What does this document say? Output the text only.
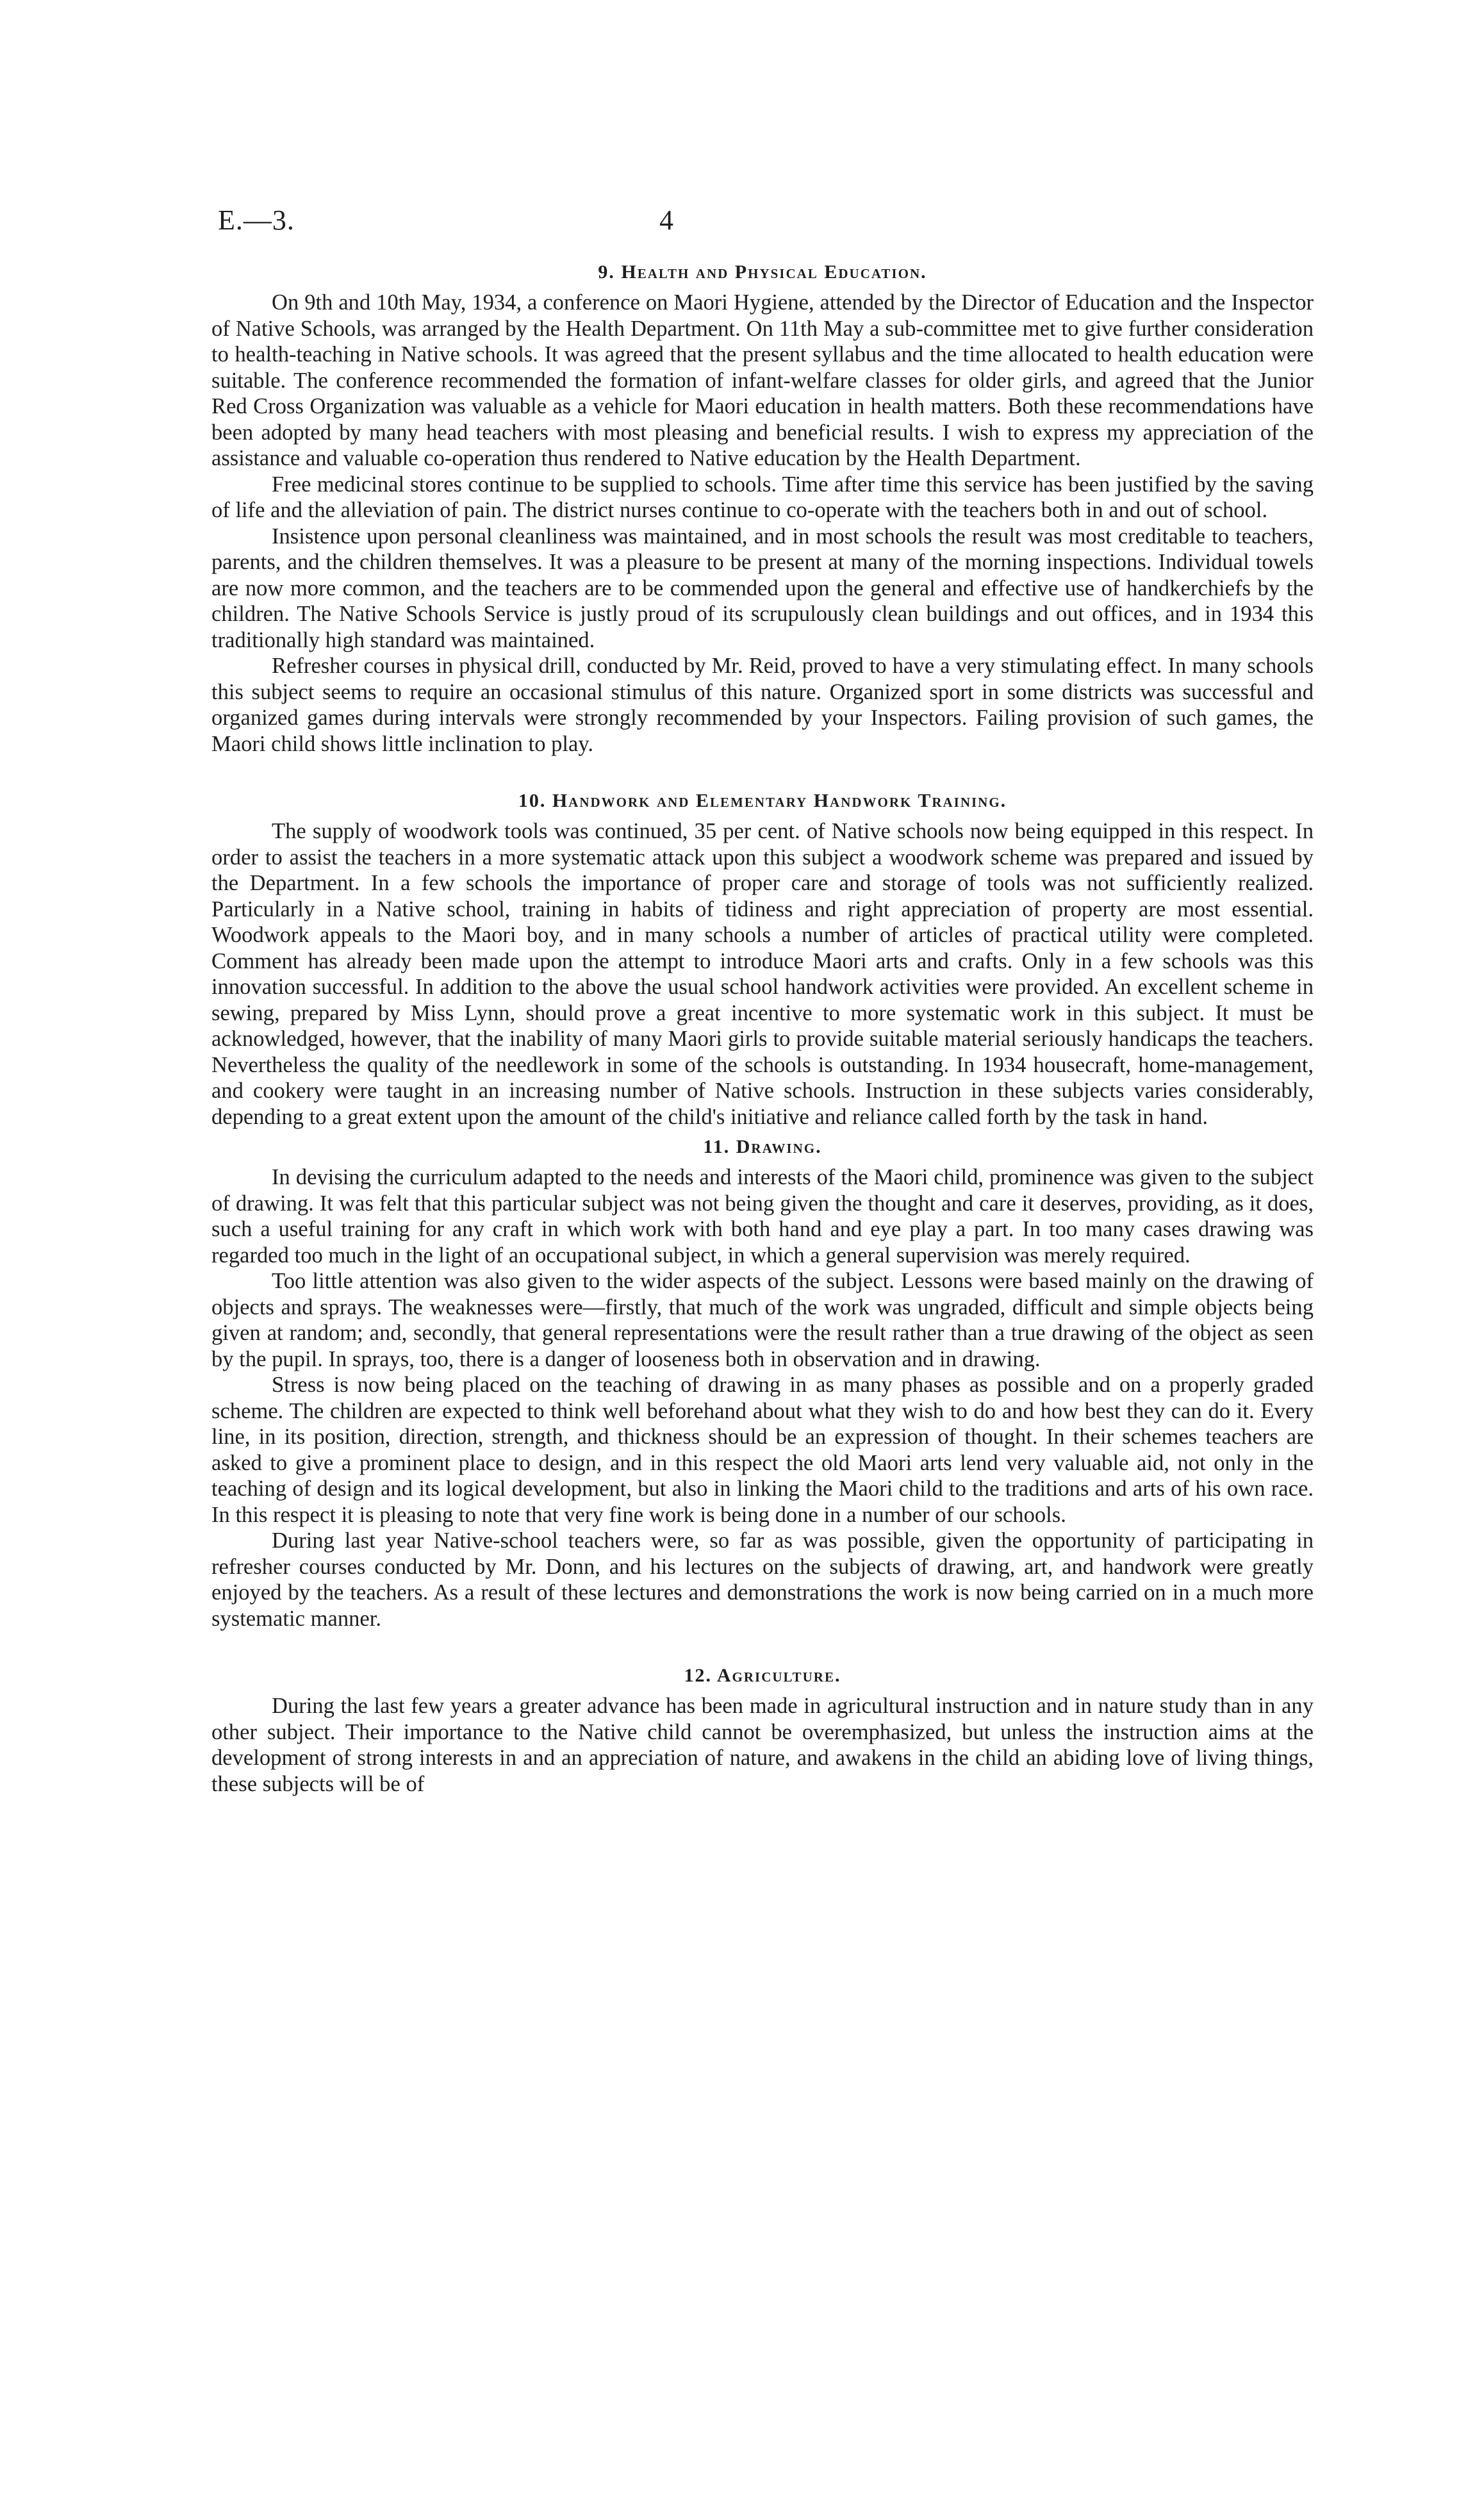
E.—3.	4
9. Health and Physical Education.

On 9th and 10th May, 1934, a conference on Maori Hygiene, attended by the Director of Education and the Inspector of Native Schools, was arranged by the Health Department. On 11th May a sub-committee met to give further consideration to health-teaching in Native schools. It was agreed that the present syllabus and the time allocated to health education were suitable. The conference recommended the formation of infant-welfare classes for older girls, and agreed that the Junior Red Cross Organization was valuable as a vehicle for Maori education in health matters. Both these recommendations have been adopted by many head teachers with most pleasing and beneficial results. I wish to express my appreciation of the assistance and valuable co-operation thus rendered to Native education by the Health Department.

Free medicinal stores continue to be supplied to schools. Time after time this service has been justified by the saving of life and the alleviation of pain. The district nurses continue to co-operate with the teachers both in and out of school.

Insistence upon personal cleanliness was maintained, and in most schools the result was most creditable to teachers, parents, and the children themselves. It was a pleasure to be present at many of the morning inspections. Individual towels are now more common, and the teachers are to be commended upon the general and effective use of handkerchiefs by the children. The Native Schools Service is justly proud of its scrupulously clean buildings and out offices, and in 1934 this traditionally high standard was maintained.

Refresher courses in physical drill, conducted by Mr. Reid, proved to have a very stimulating effect. In many schools this subject seems to require an occasional stimulus of this nature. Organized sport in some districts was successful and organized games during intervals were strongly recommended by your Inspectors. Failing provision of such games, the Maori child shows little inclination to play.

10. Handwork and Elementary Handwork Training.

The supply of woodwork tools was continued, 35 per cent. of Native schools now being equipped in this respect. In order to assist the teachers in a more systematic attack upon this subject a woodwork scheme was prepared and issued by the Department. In a few schools the importance of proper care and storage of tools was not sufficiently realized. Particularly in a Native school, training in habits of tidiness and right appreciation of property are most essential. Woodwork appeals to the Maori boy, and in many schools a number of articles of practical utility were completed. Comment has already been made upon the attempt to introduce Maori arts and crafts. Only in a few schools was this innovation successful. In addition to the above the usual school handwork activities were provided. An excellent scheme in sewing, prepared by Miss Lynn, should prove a great incentive to more systematic work in this subject. It must be acknowledged, however, that the inability of many Maori girls to provide suitable material seriously handicaps the teachers. Nevertheless the quality of the needlework in some of the schools is outstanding. In 1934 housecraft, home-management, and cookery were taught in an increasing number of Native schools. Instruction in these subjects varies considerably, depending to a great extent upon the amount of the child's initiative and reliance called forth by the task in hand.

11. Drawing.

In devising the curriculum adapted to the needs and interests of the Maori child, prominence was given to the subject of drawing. It was felt that this particular subject was not being given the thought and care it deserves, providing, as it does, such a useful training for any craft in which work with both hand and eye play a part. In too many cases drawing was regarded too much in the light of an occupational subject, in which a general supervision was merely required.

Too little attention was also given to the wider aspects of the subject. Lessons were based mainly on the drawing of objects and sprays. The weaknesses were—firstly, that much of the work was ungraded, difficult and simple objects being given at random; and, secondly, that general representations were the result rather than a true drawing of the object as seen by the pupil. In sprays, too, there is a danger of looseness both in observation and in drawing.

Stress is now being placed on the teaching of drawing in as many phases as possible and on a properly graded scheme. The children are expected to think well beforehand about what they wish to do and how best they can do it. Every line, in its position, direction, strength, and thickness should be an expression of thought. In their schemes teachers are asked to give a prominent place to design, and in this respect the old Maori arts lend very valuable aid, not only in the teaching of design and its logical development, but also in linking the Maori child to the traditions and arts of his own race. In this respect it is pleasing to note that very fine work is being done in a number of our schools.

During last year Native-school teachers were, so far as was possible, given the opportunity of participating in refresher courses conducted by Mr. Donn, and his lectures on the subjects of drawing, art, and handwork were greatly enjoyed by the teachers. As a result of these lectures and demonstrations the work is now being carried on in a much more systematic manner.

12. Agriculture.

During the last few years a greater advance has been made in agricultural instruction and in nature study than in any other subject. Their importance to the Native child cannot be overemphasized, but unless the instruction aims at the development of strong interests in and an appreciation of nature, and awakens in the child an abiding love of living things, these subjects will be of
